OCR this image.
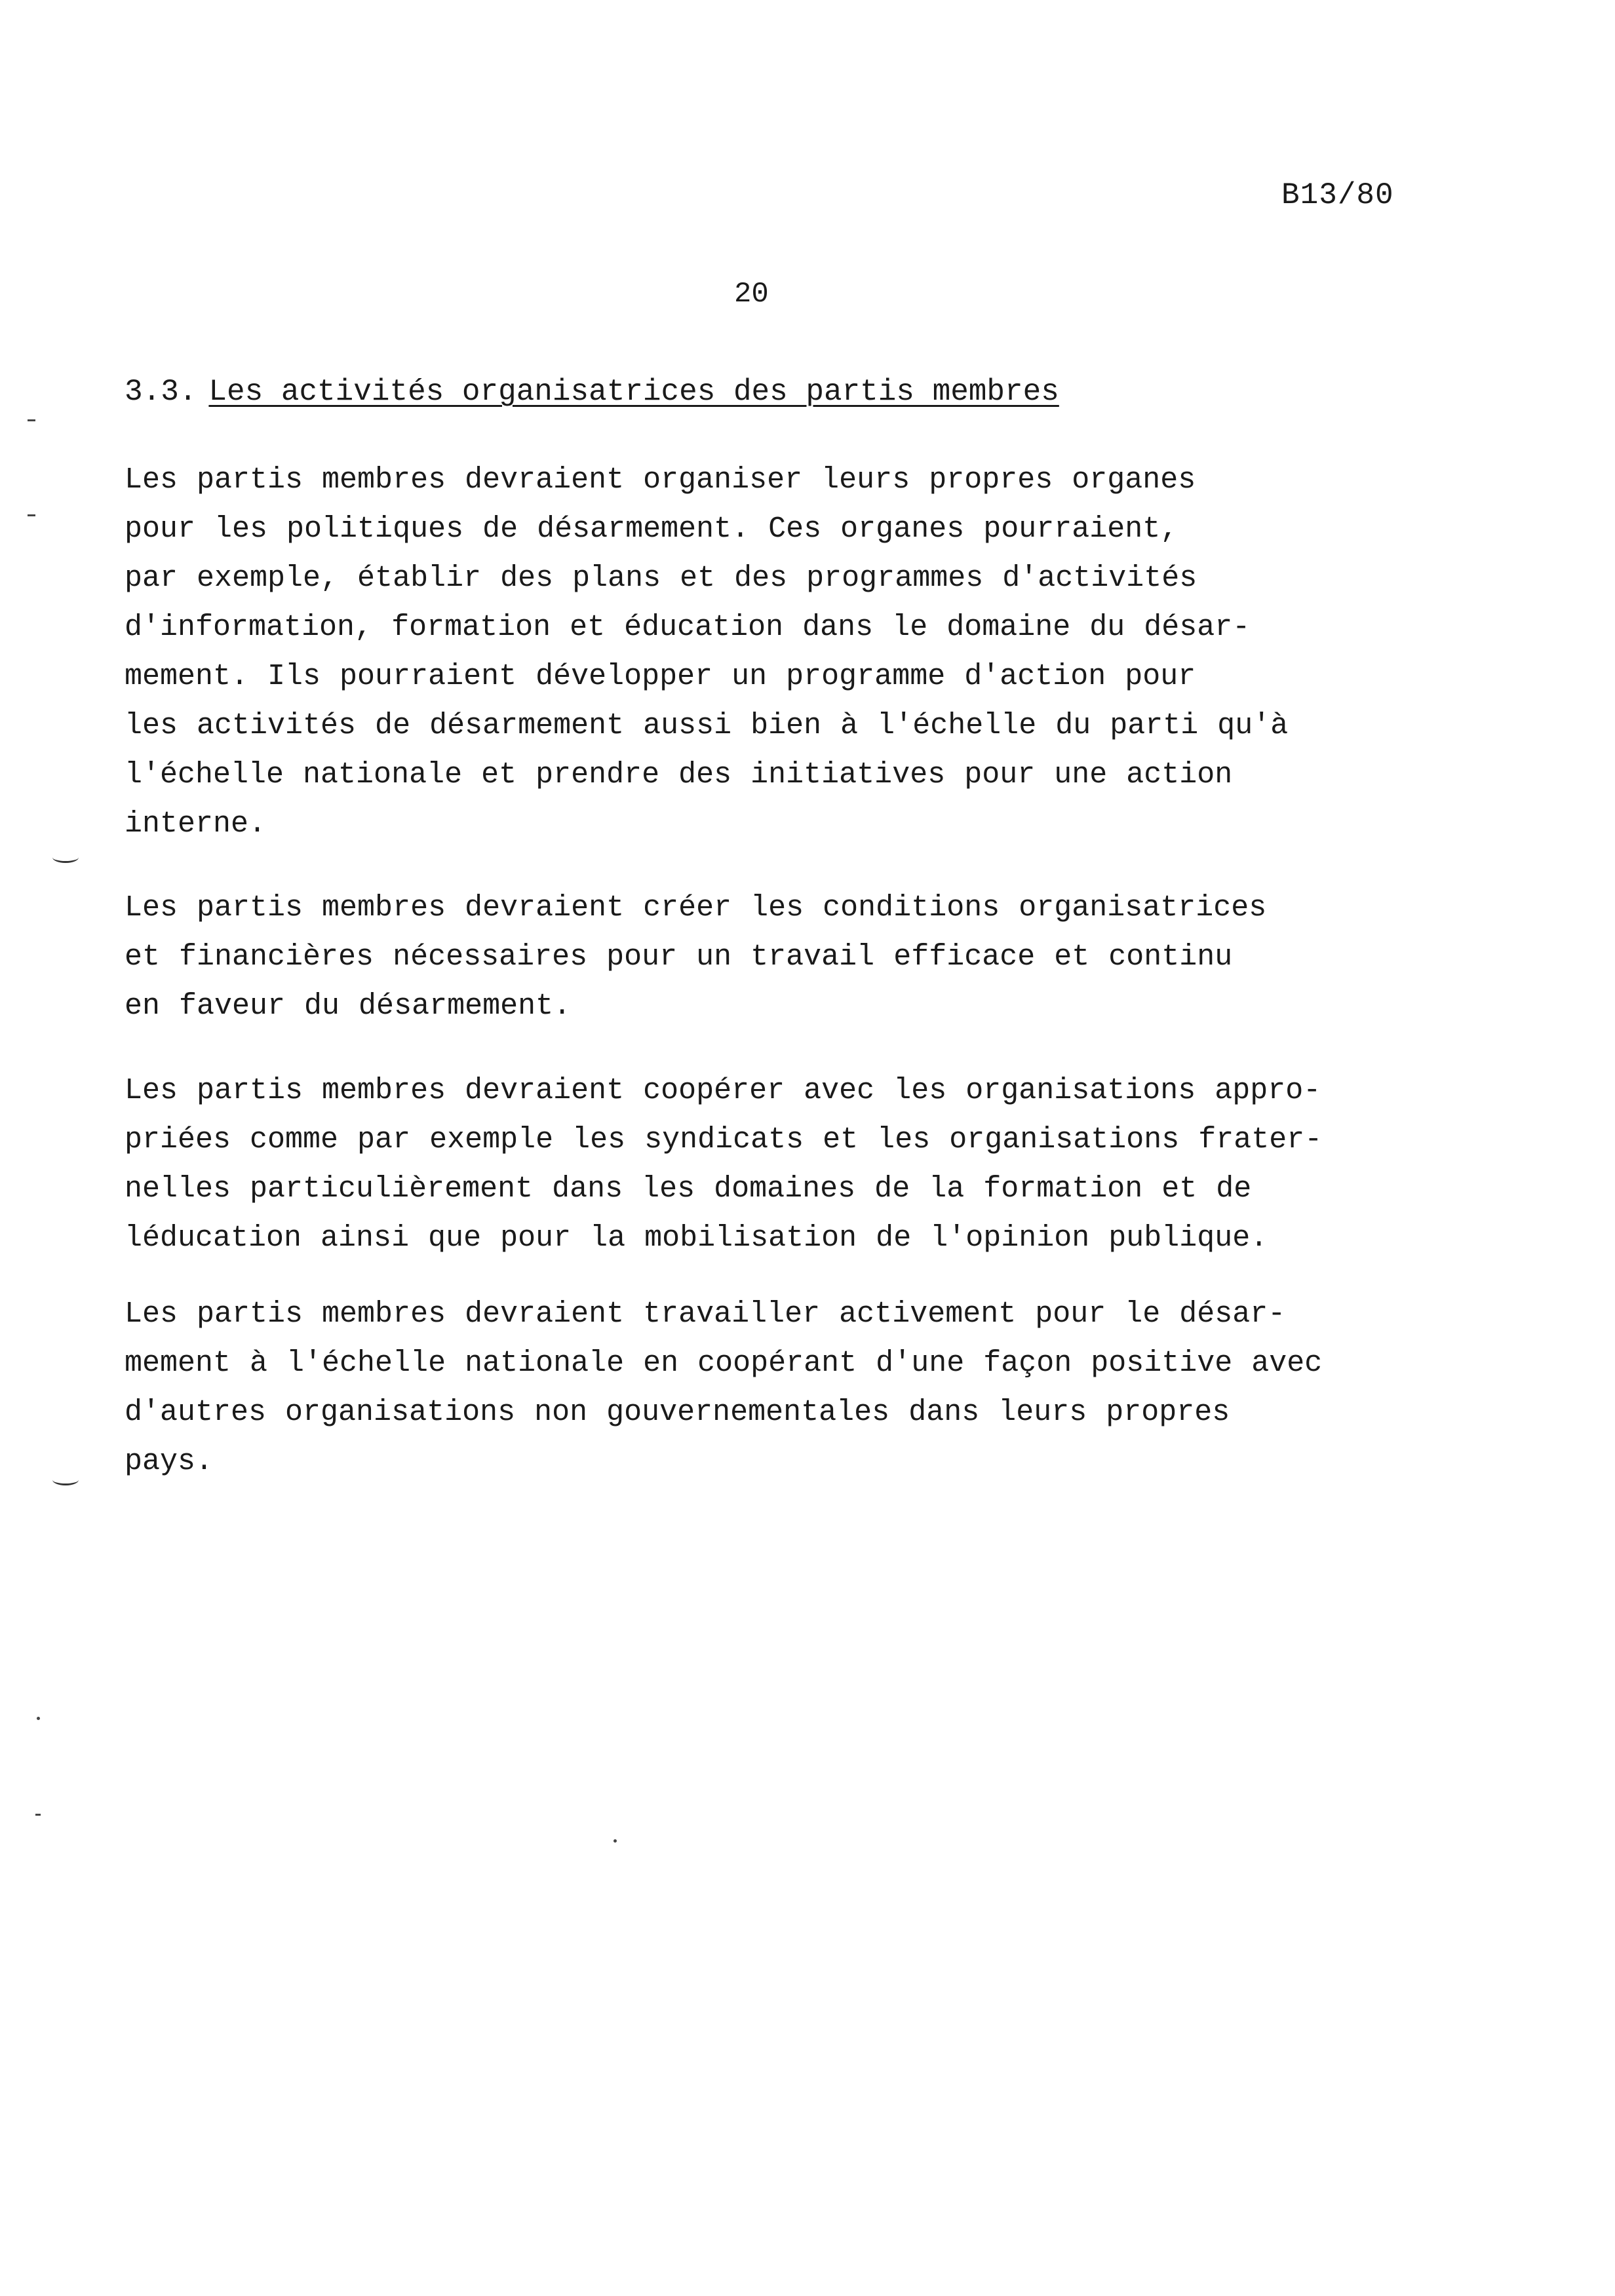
B13/80
20
3.3. Les activités organisatrices des partis membres
Les partis membres devraient organiser leurs propres organes
pour les politiques de désarmement. Ces organes pourraient,
par exemple, établir des plans et des programmes d'activités
d'information, formation et éducation dans le domaine du désar-
mement. Ils pourraient développer un programme d'action pour
les activités de désarmement aussi bien à l'échelle du parti qu'à
l'échelle nationale et prendre des initiatives pour une action
interne.
Les partis membres devraient créer les conditions organisatrices
et financières nécessaires pour un travail efficace et continu
en faveur du désarmement.
Les partis membres devraient coopérer avec les organisations appro-
priées comme par exemple les syndicats et les organisations frater-
nelles particulièrement dans les domaines de la formation et de
léducation ainsi que pour la mobilisation de l'opinion publique.
Les partis membres devraient travailler activement pour le désar-
mement à l'échelle nationale en coopérant d'une façon positive avec
d'autres organisations non gouvernementales dans leurs propres
pays.
